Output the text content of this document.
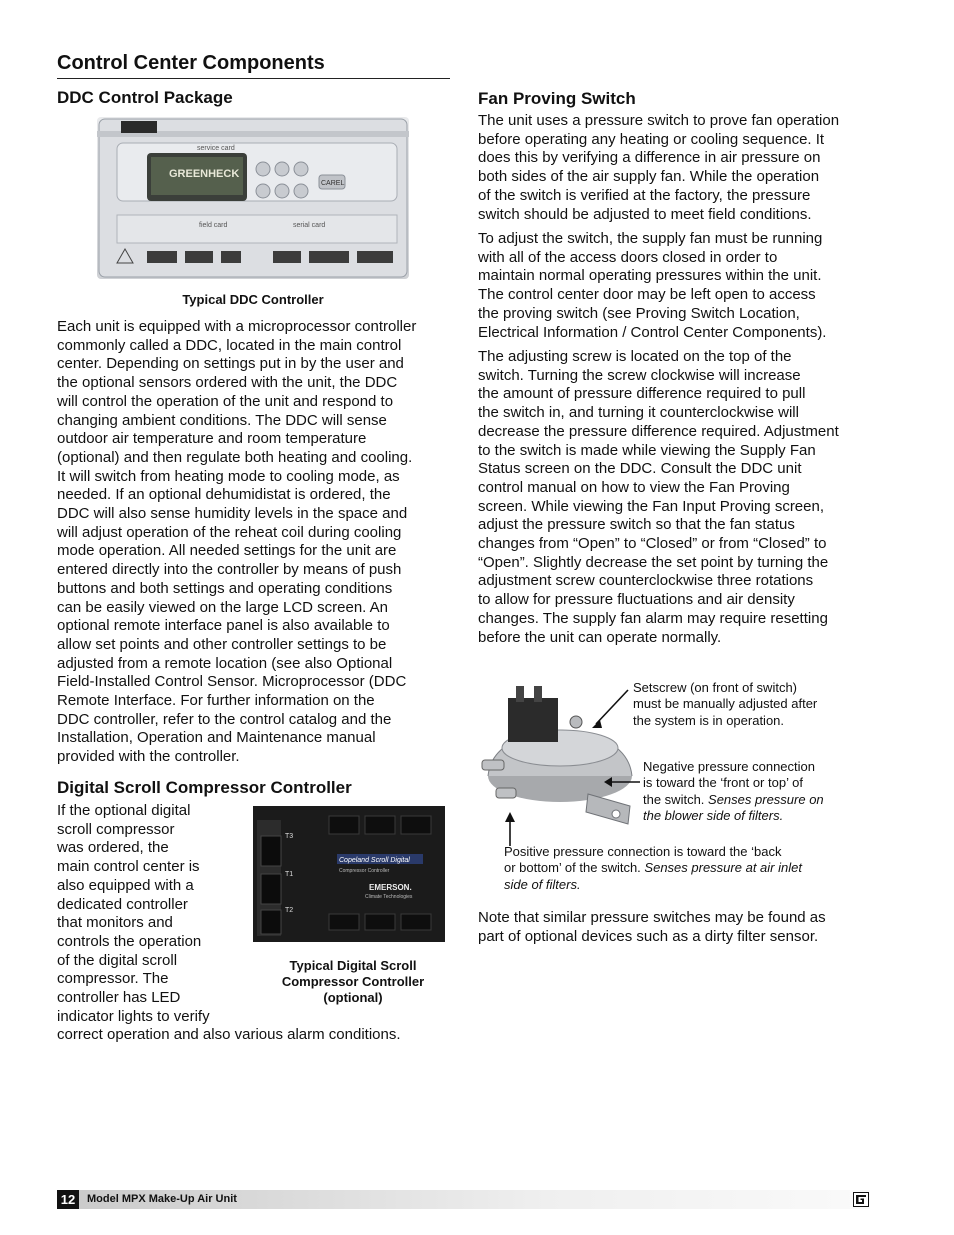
Control Center Components
DDC Control Package
GREENHECK
CAREL
service card
field card	serial card
Typical DDC Controller
Each unit is equipped with a microprocessor controller
commonly called a DDC, located in the main control
center. Depending on settings put in by the user and
the optional sensors ordered with the unit, the DDC
will control the operation of the unit and respond to
changing ambient conditions. The DDC will sense
outdoor air temperature and room temperature
(optional) and then regulate both heating and cooling.
It will switch from heating mode to cooling mode, as
needed. If an optional dehumidistat is ordered, the
DDC will also sense humidity levels in the space and
will adjust operation of the reheat coil during cooling
mode operation. All needed settings for the unit are
entered directly into the controller by means of push
buttons and both settings and operating conditions
can be easily viewed on the large LCD screen. An
optional remote interface panel is also available to
allow set points and other controller settings to be
adjusted from a remote location (see also Optional
Field-Installed Control Sensor. Microprocessor (DDC
Remote Interface. For further information on the
DDC controller, refer to the control catalog and the
Installation, Operation and Maintenance manual
provided with the controller.
Digital Scroll Compressor Controller
If the optional digital
scroll compressor
was ordered, the
main control center is
also equipped with a
dedicated controller
that monitors and
controls the operation
of the digital scroll
compressor. The
controller has LED
indicator lights to verify
correct operation and also various alarm conditions.
T3
T1
T2
Copeland Scroll Digital
Compressor Controller
EMERSON.
Climate Technologies
Typical Digital Scroll
Compressor Controller
(optional)
Fan Proving Switch
The unit uses a pressure switch to prove fan operation
before operating any heating or cooling sequence. It
does this by verifying a difference in air pressure on
both sides of the air supply fan. While the operation
of the switch is verified at the factory, the pressure
switch should be adjusted to meet field conditions.
To adjust the switch, the supply fan must be running
with all of the access doors closed in order to
maintain normal operating pressures within the unit.
The control center door may be left open to access
the proving switch (see Proving Switch Location,
Electrical Information / Control Center Components).
The adjusting screw is located on the top of the
switch. Turning the screw clockwise will increase
the amount of pressure difference required to pull
the switch in, and turning it counterclockwise will
decrease the pressure difference required. Adjustment
to the switch is made while viewing the Supply Fan
Status screen on the DDC. Consult the DDC unit
control manual on how to view the Fan Proving
screen. While viewing the Fan Input Proving screen,
adjust the pressure switch so that the fan status
changes from “Open” to “Closed” or from “Closed” to
“Open”. Slightly decrease the set point by turning the
adjustment screw counterclockwise three rotations
to allow for pressure fluctuations and air density
changes. The supply fan alarm may require resetting
before the unit can operate normally.
Setscrew (on front of switch)
must be manually adjusted after
the system is in operation.
Negative pressure connection
is toward the ‘front or top’ of
the switch. Senses pressure on
the blower side of filters.
Positive pressure connection is toward the ‘back
or bottom’ of the switch. Senses pressure at air inlet
side of filters.
Note that similar pressure switches may be found as
part of optional devices such as a dirty filter sensor.
12	Model MPX Make-Up Air Unit
